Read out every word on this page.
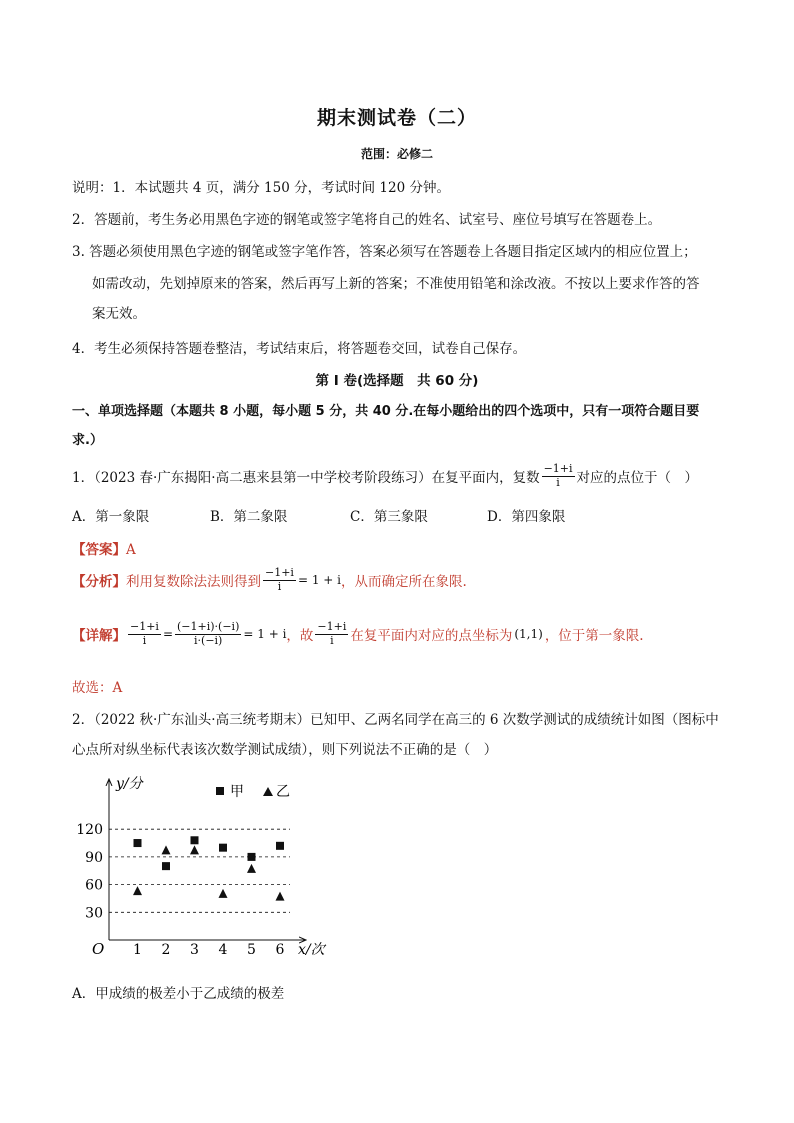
期末测试卷（二）
范围：必修二
说明：1．本试题共 4 页，满分 150 分，考试时间 120 分钟。
2．答题前，考生务必用黑色字迹的钢笔或签字笔将自己的姓名、试室号、座位号填写在答题卷上。
3. 答题必须使用黑色字迹的钢笔或签字笔作答，答案必须写在答题卷上各题目指定区域内的相应位置上；
如需改动，先划掉原来的答案，然后再写上新的答案；不准使用铅笔和涂改液。不按以上要求作答的答
案无效。
4．考生必须保持答题卷整洁，考试结束后，将答题卷交回，试卷自己保存。
第 I 卷(选择题　共 60 分)
一、单项选择题（本题共 8 小题，每小题 5 分，共 40 分.在每小题给出的四个选项中，只有一项符合题目要
求.）
1．（2023 春·广东揭阳·高二惠来县第一中学校考阶段练习）在复平面内，复数 $\frac{-1+i}{i}$ 对应的点位于（　）
A．第一象限	B．第二象限	C．第三象限	D．第四象限
【答案】A
【分析】 利用复数除法法则得到 $\frac{-1+i}{i} = 1 + i$ ，从而确定所在象限.
【详解】 $\frac{-1+i}{i} = \frac{(-1+i)\cdot(-i)}{i\cdot(-i)} = 1 + i$ ，故 $\frac{-1+i}{i}$ 在复平面内对应的点坐标为 (1,1) ，位于第一象限.
故选：A
2．（2022 秋·广东汕头·高三统考期末）已知甲、乙两名同学在高三的 6 次数学测试的成绩统计如图（图标中
心点所对纵坐标代表该次数学测试成绩），则下列说法不正确的是（　）
O
y/分
x/次
甲 乙
30
60
90
120
1 2 3 4 5 6
A．甲成绩的极差小于乙成绩的极差
